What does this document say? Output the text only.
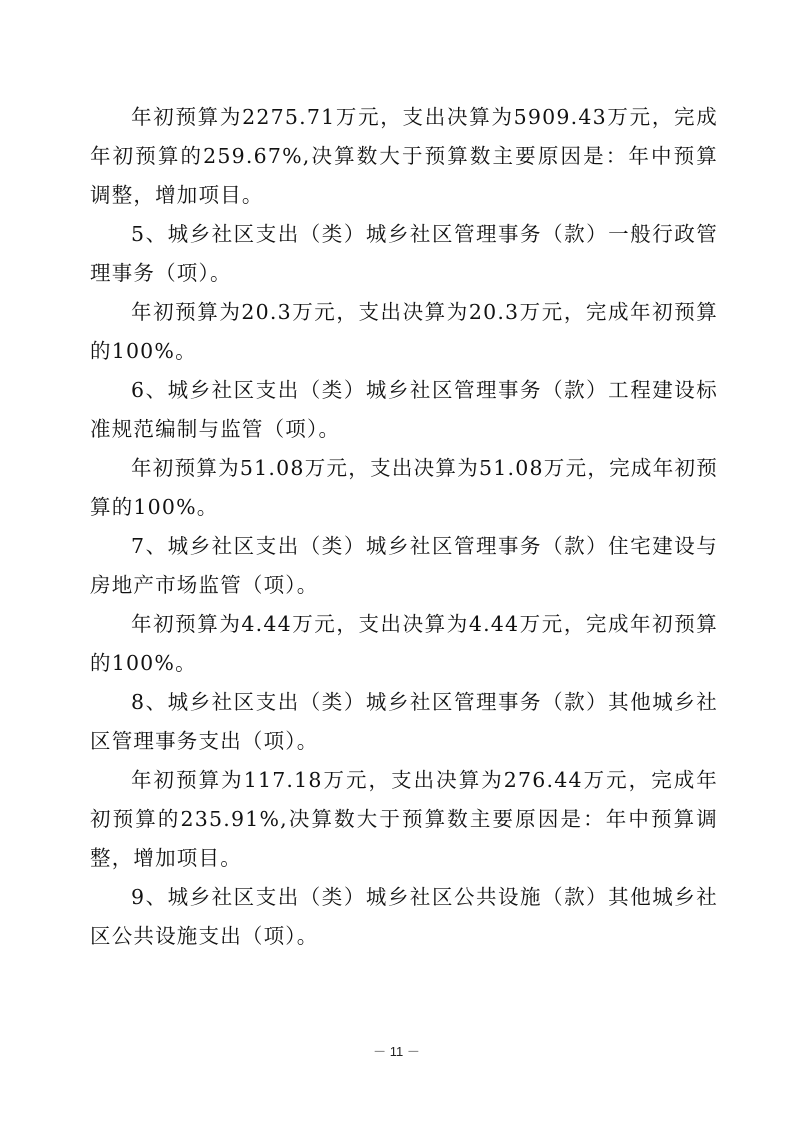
年初预算为2275.71万元，支出决算为5909.43万元，完成年初预算的259.67%,决算数大于预算数主要原因是：年中预算调整，增加项目。

5、城乡社区支出（类）城乡社区管理事务（款）一般行政管理事务（项）。

年初预算为20.3万元，支出决算为20.3万元，完成年初预算的100%。

6、城乡社区支出（类）城乡社区管理事务（款）工程建设标准规范编制与监管（项）。

年初预算为51.08万元，支出决算为51.08万元，完成年初预算的100%。

7、城乡社区支出（类）城乡社区管理事务（款）住宅建设与房地产市场监管（项）。

年初预算为4.44万元，支出决算为4.44万元，完成年初预算的100%。

8、城乡社区支出（类）城乡社区管理事务（款）其他城乡社区管理事务支出（项）。

年初预算为117.18万元，支出决算为276.44万元，完成年初预算的235.91%,决算数大于预算数主要原因是：年中预算调整，增加项目。

9、城乡社区支出（类）城乡社区公共设施（款）其他城乡社区公共设施支出（项）。

－ 11 －
